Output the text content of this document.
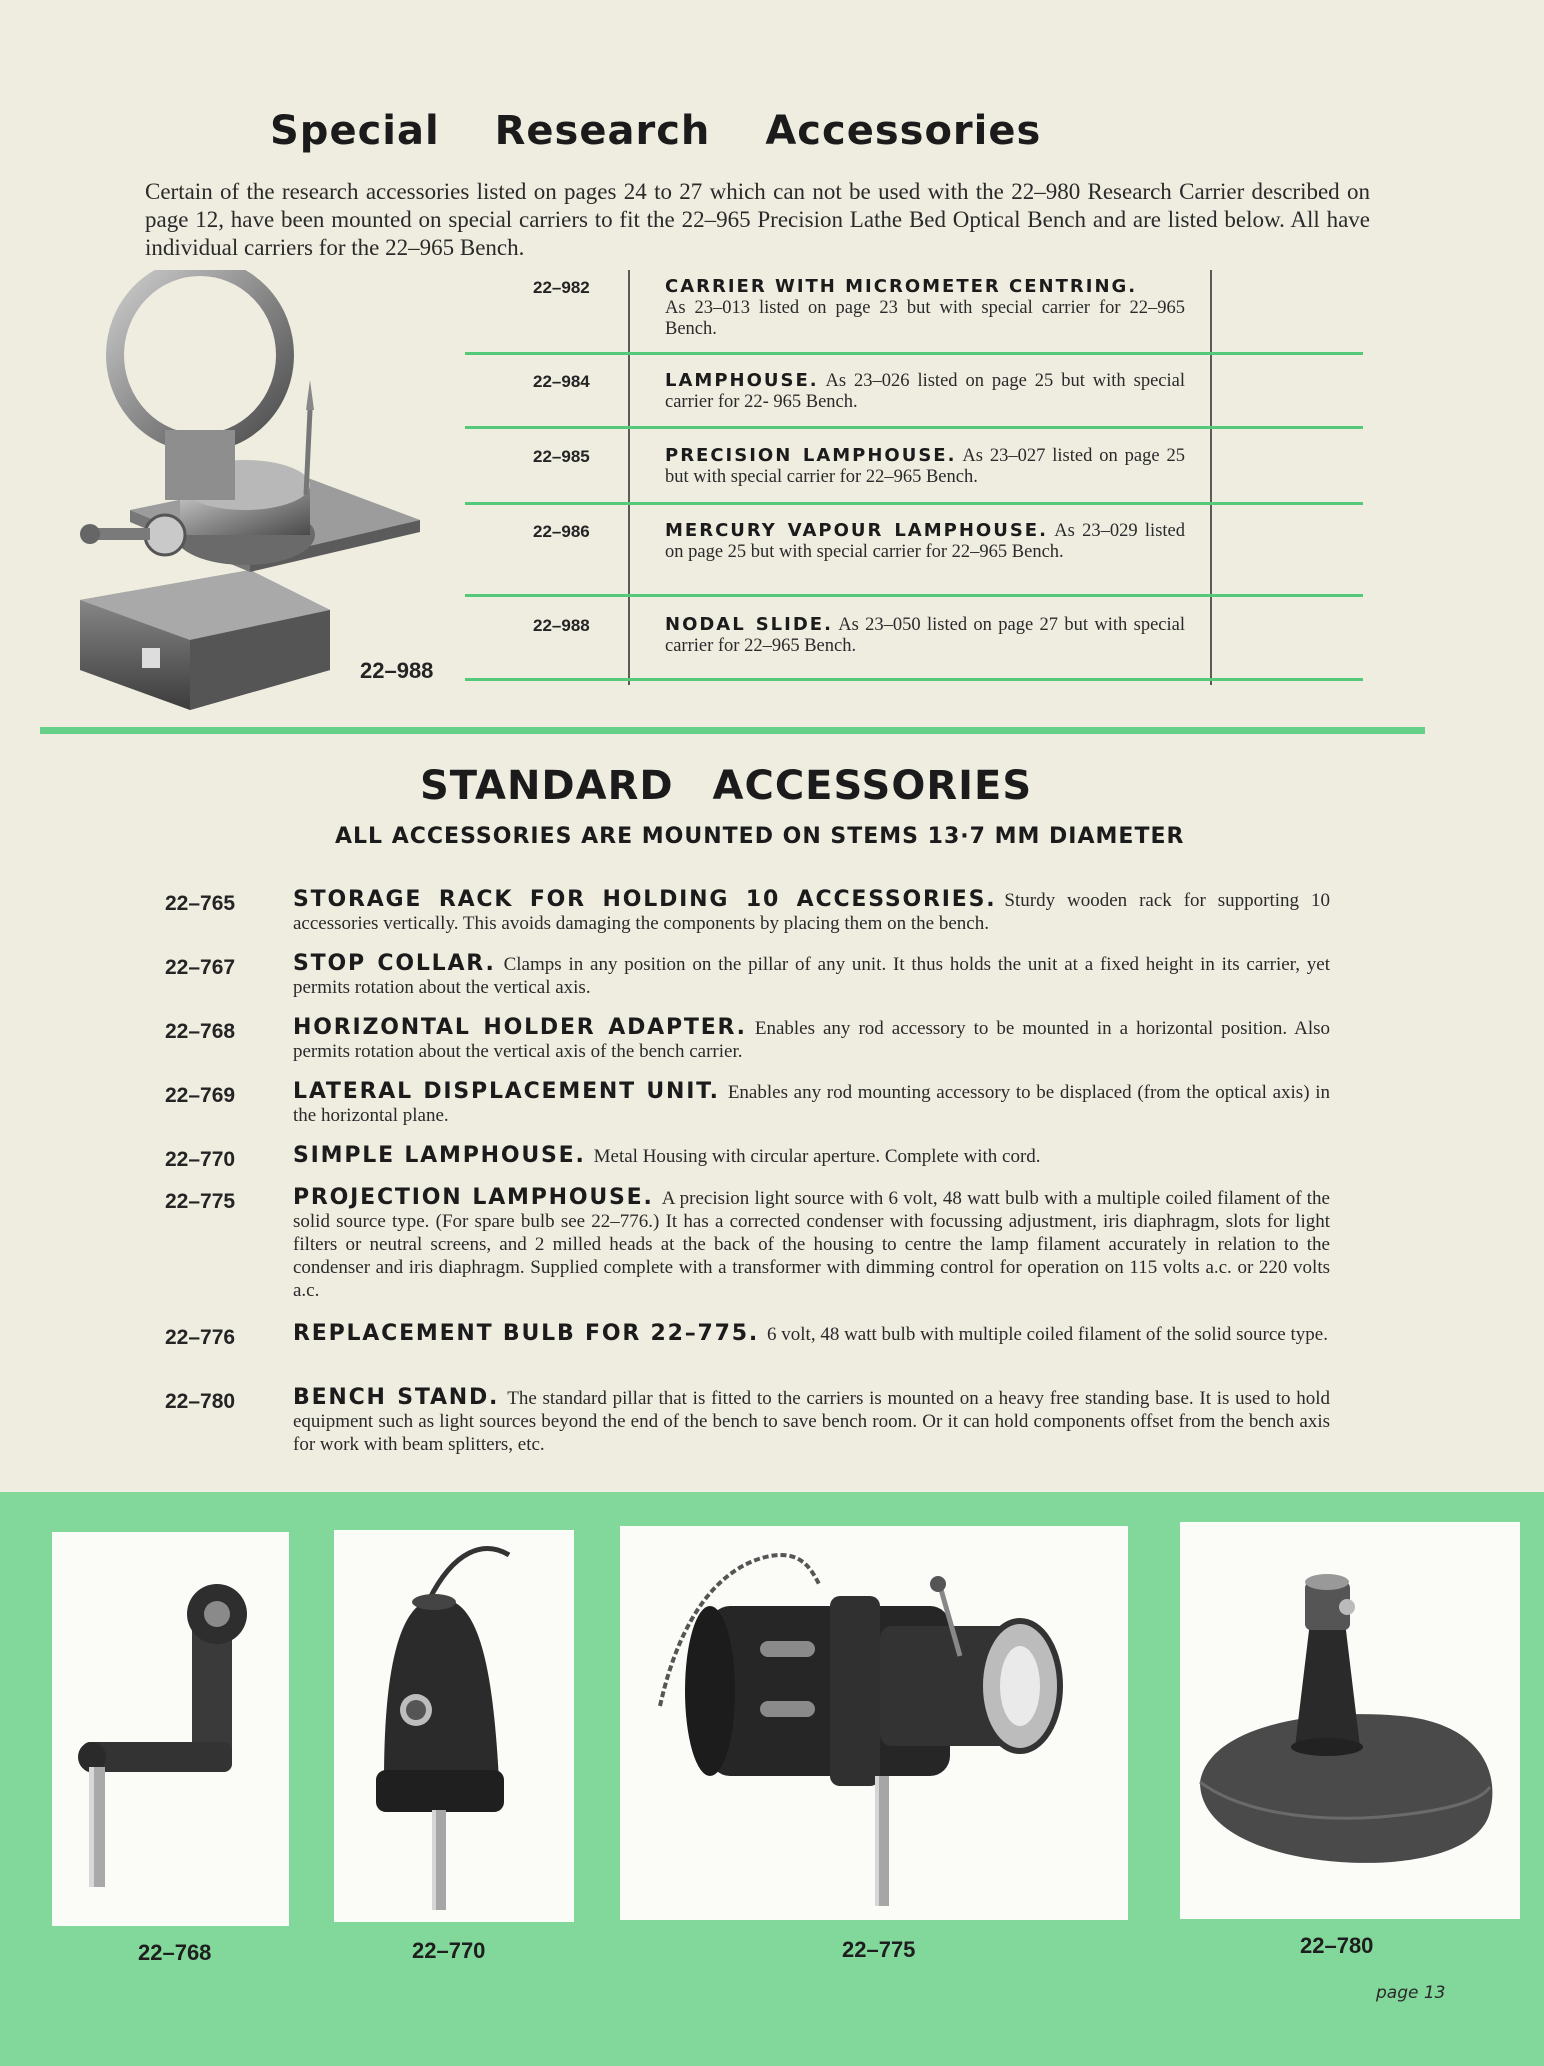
Special Research Accessories
Certain of the research accessories listed on pages 24 to 27 which can not be used with the 22–980 Research Carrier described on page 12, have been mounted on special carriers to fit the 22–965 Precision Lathe Bed Optical Bench and are listed below. All have individual carriers for the 22–965 Bench.
22–988
22–982	CARRIER WITH MICROMETER CENTRING.
As 23–013 listed on page 23 but with special carrier for 22–965 Bench.
22–984	LAMPHOUSE. As 23–026 listed on page 25 but with special carrier for 22- 965 Bench.
22–985	PRECISION LAMPHOUSE. As 23–027 listed on page 25 but with special carrier for 22–965 Bench.
22–986	MERCURY VAPOUR LAMPHOUSE. As 23–029 listed on page 25 but with special carrier for 22–965 Bench.
22–988	NODAL SLIDE. As 23–050 listed on page 27 but with special carrier for 22–965 Bench.
STANDARD ACCESSORIES
ALL ACCESSORIES ARE MOUNTED ON STEMS 13·7 MM DIAMETER
22–765	STORAGE RACK FOR HOLDING 10 ACCESSORIES. Sturdy wooden rack for supporting 10 accessories vertically. This avoids damaging the components by placing them on the bench.
22–767	STOP COLLAR. Clamps in any position on the pillar of any unit. It thus holds the unit at a fixed height in its carrier, yet permits rotation about the vertical axis.
22–768	HORIZONTAL HOLDER ADAPTER. Enables any rod accessory to be mounted in a horizontal position. Also permits rotation about the vertical axis of the bench carrier.
22–769	LATERAL DISPLACEMENT UNIT. Enables any rod mounting accessory to be displaced (from the optical axis) in the horizontal plane.
22–770	SIMPLE LAMPHOUSE. Metal Housing with circular aperture. Complete with cord.
22–775	PROJECTION LAMPHOUSE. A precision light source with 6 volt, 48 watt bulb with a multiple coiled filament of the solid source type. (For spare bulb see 22–776.) It has a corrected condenser with focussing adjustment, iris diaphragm, slots for light filters or neutral screens, and 2 milled heads at the back of the housing to centre the lamp filament accurately in relation to the condenser and iris diaphragm. Supplied complete with a transformer with dimming control for operation on 115 volts a.c. or 220 volts a.c.
22–776	REPLACEMENT BULB FOR 22–775. 6 volt, 48 watt bulb with multiple coiled filament of the solid source type.
22–780	BENCH STAND. The standard pillar that is fitted to the carriers is mounted on a heavy free standing base. It is used to hold equipment such as light sources beyond the end of the bench to save bench room. Or it can hold components offset from the bench axis for work with beam splitters, etc.
22–768	22–770	22–775	22–780
page 13
